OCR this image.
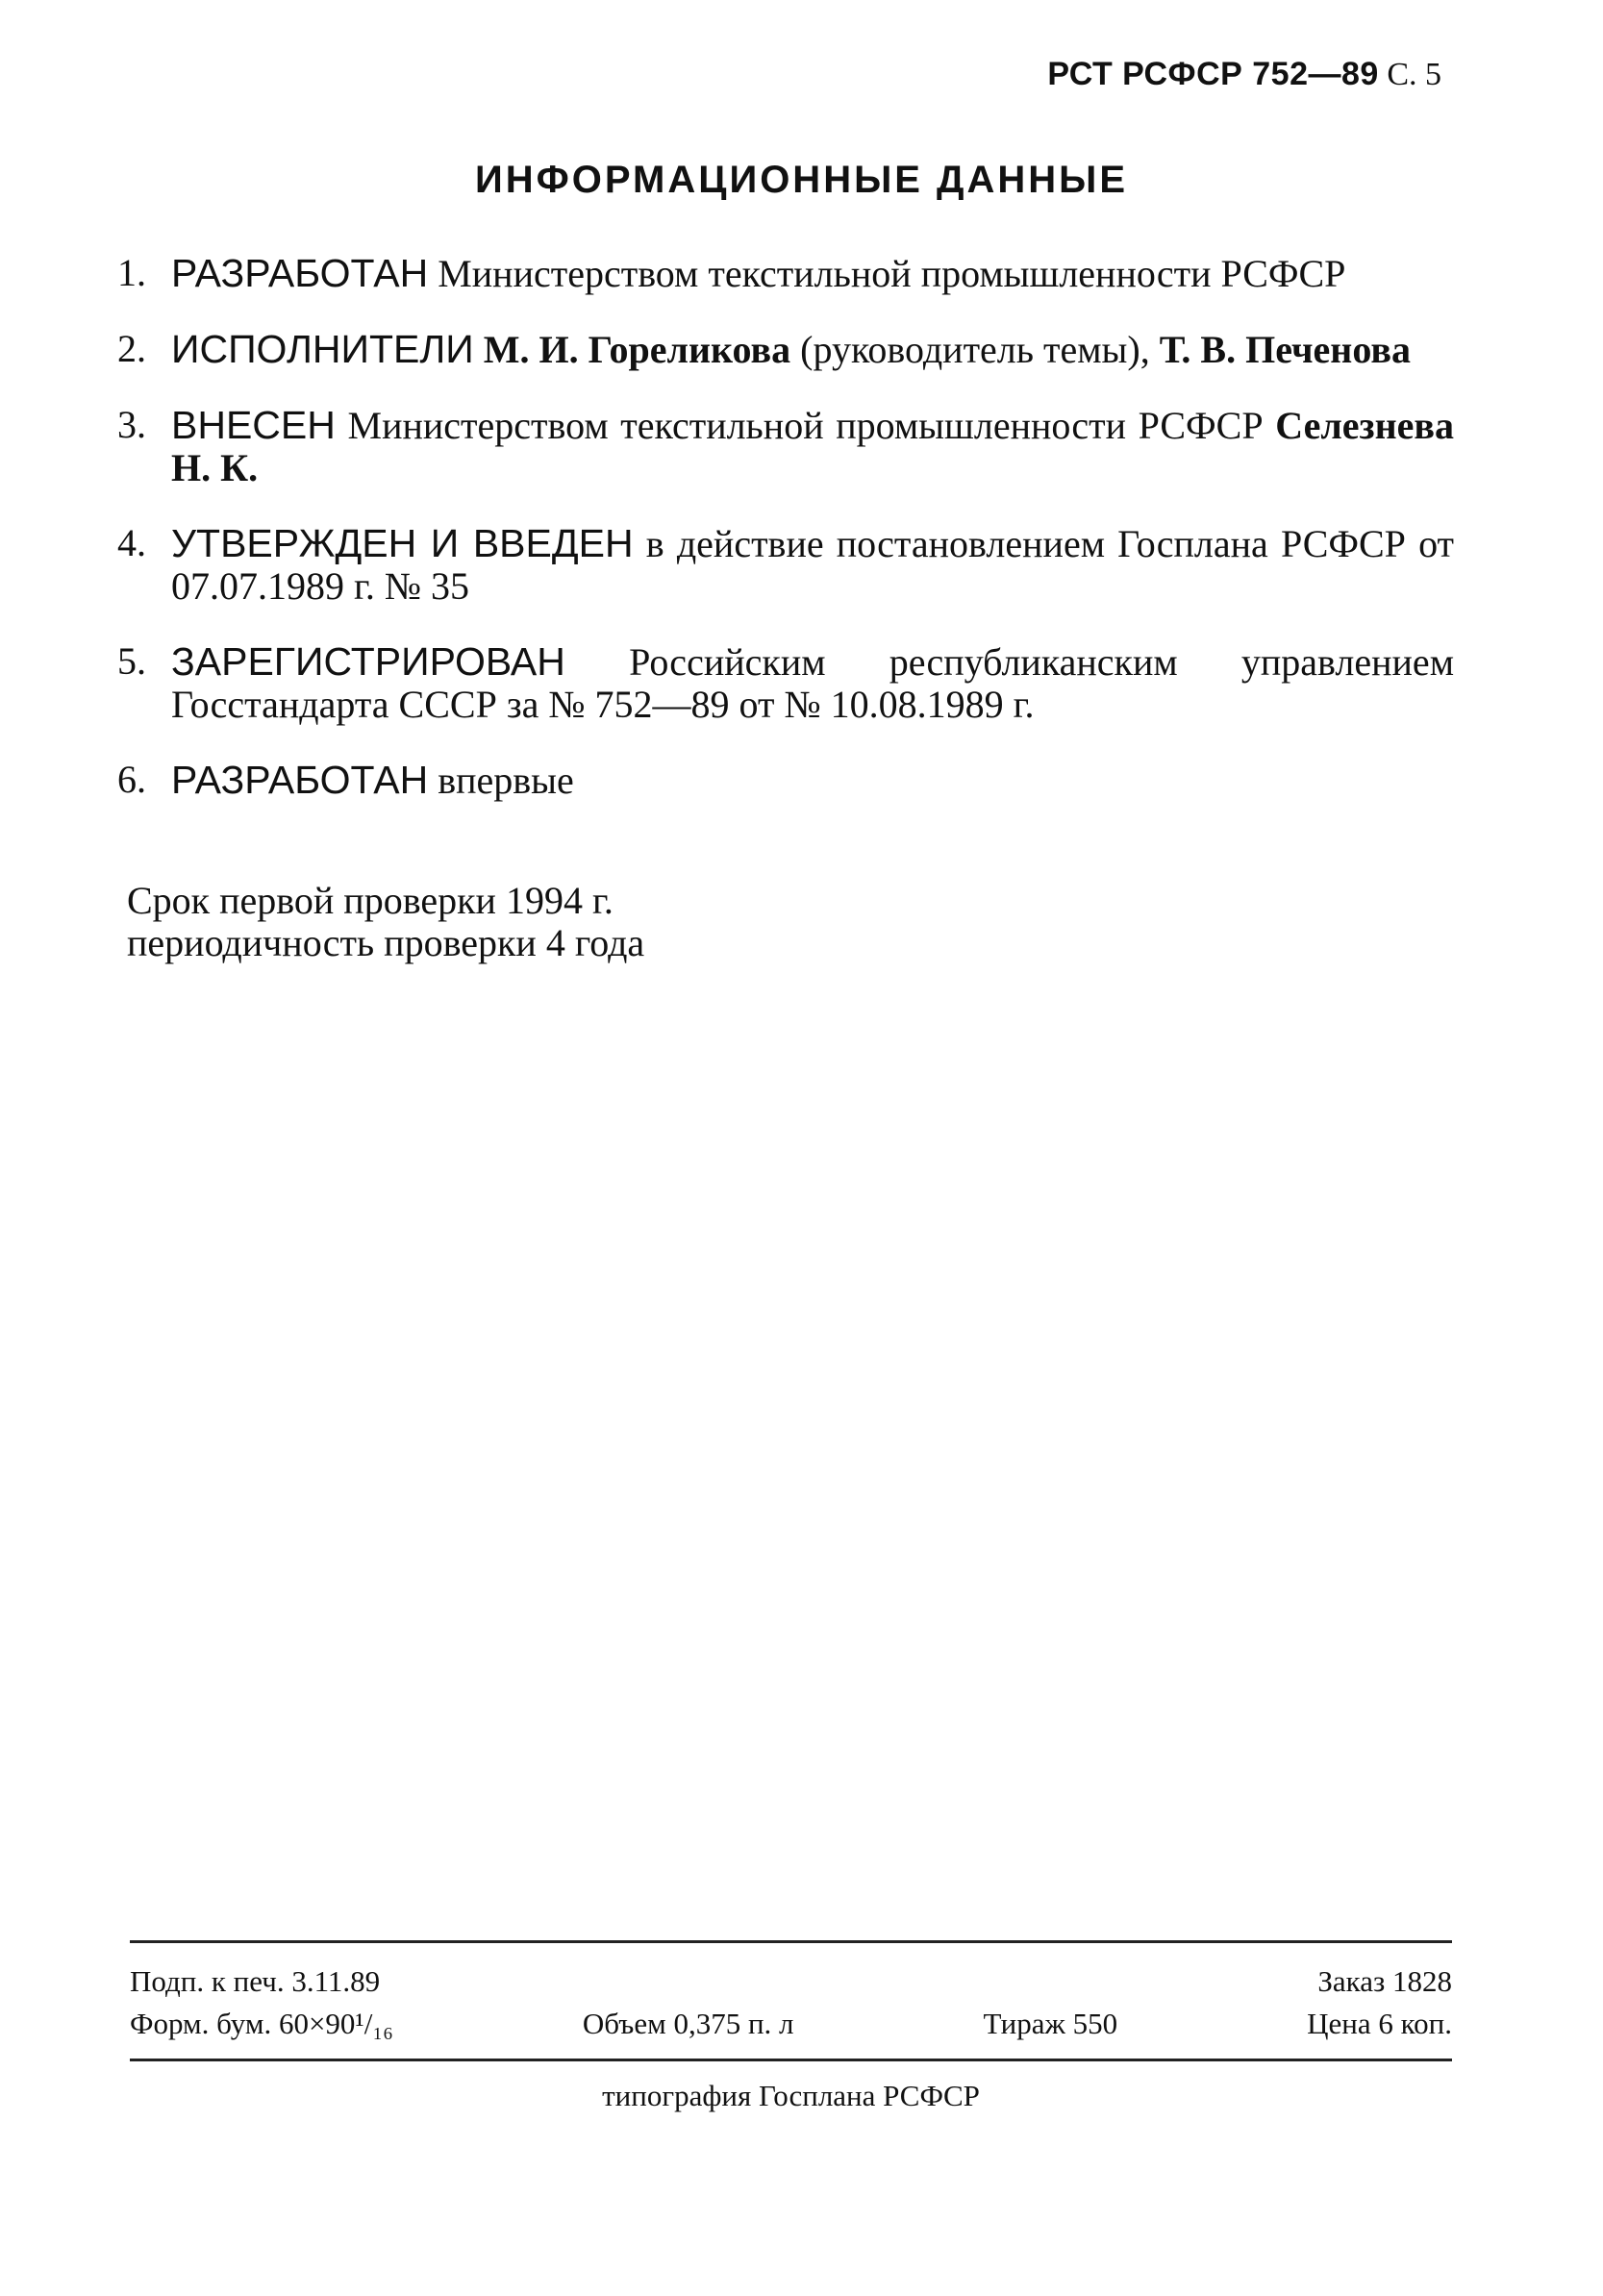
РСТ РСФСР 752—89 С. 5
ИНФОРМАЦИОННЫЕ ДАННЫЕ
1. РАЗРАБОТАН Министерством текстильной промышленности РСФСР
2. ИСПОЛНИТЕЛИ М. И. Гореликова (руководитель темы), Т. В. Печенова
3. ВНЕСЕН Министерством текстильной промышленности РСФСР Селезнева Н. К.
4. УТВЕРЖДЕН И ВВЕДЕН в действие постановлением Госплана РСФСР от 07.07.1989 г. № 35
5. ЗАРЕГИСТРИРОВАН Российским республиканским управлением Госстандарта СССР за № 752—89 от № 10.08.1989 г.
6. РАЗРАБОТАН впервые
Срок первой проверки 1994 г.
периодичность проверки 4 года
Подп. к печ. 3.11.89	Заказ 1828
Форм. бум. 60×90¹/₁₆	Объем 0,375 п. л	Тираж 550	Цена 6 коп.
типография Госплана РСФСР
